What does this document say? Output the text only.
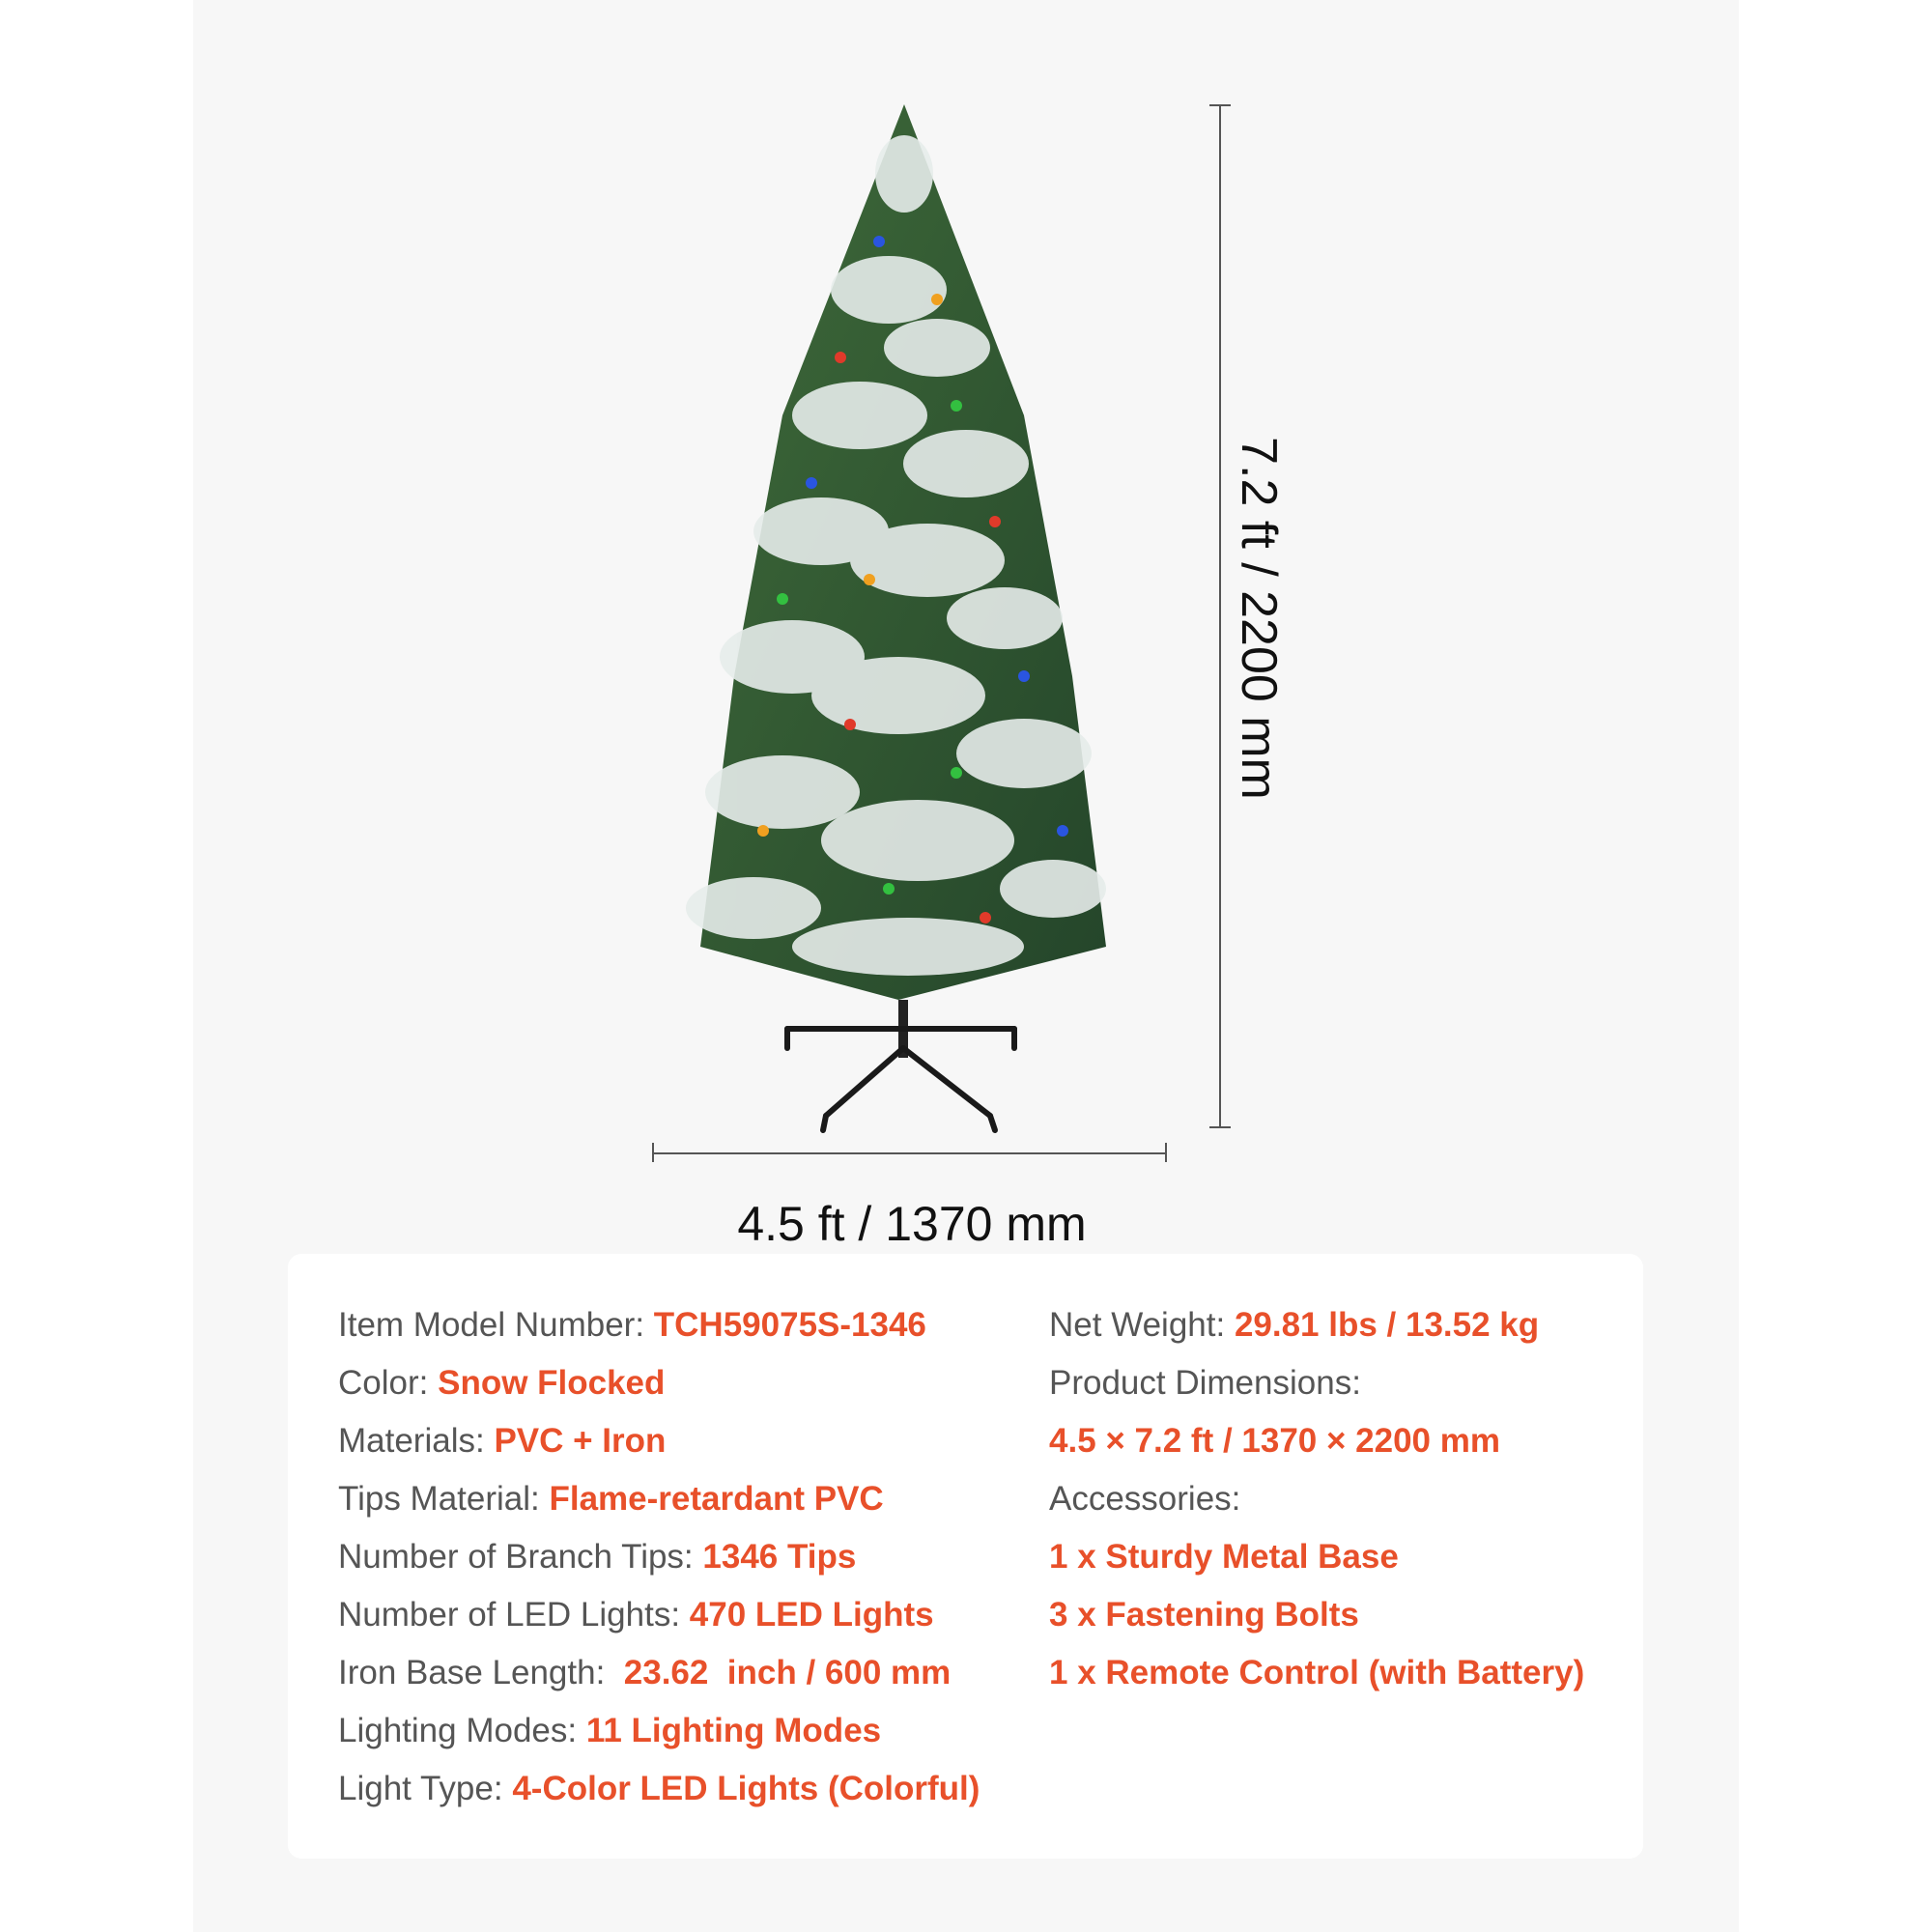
7.2 ft / 2200 mm
4.5 ft / 1370 mm
Item Model Number: TCH59075S-1346
Color: Snow Flocked
Materials: PVC + Iron
Tips Material: Flame-retardant PVC
Number of Branch Tips: 1346 Tips
Number of LED Lights: 470 LED Lights
Iron Base Length:  23.62  inch / 600 mm
Lighting Modes: 11 Lighting Modes
Light Type: 4-Color LED Lights (Colorful)
Net Weight: 29.81 lbs / 13.52 kg
Product Dimensions:
4.5 × 7.2 ft / 1370 × 2200 mm
Accessories:
1 x Sturdy Metal Base
3 x Fastening Bolts
1 x Remote Control (with Battery)
